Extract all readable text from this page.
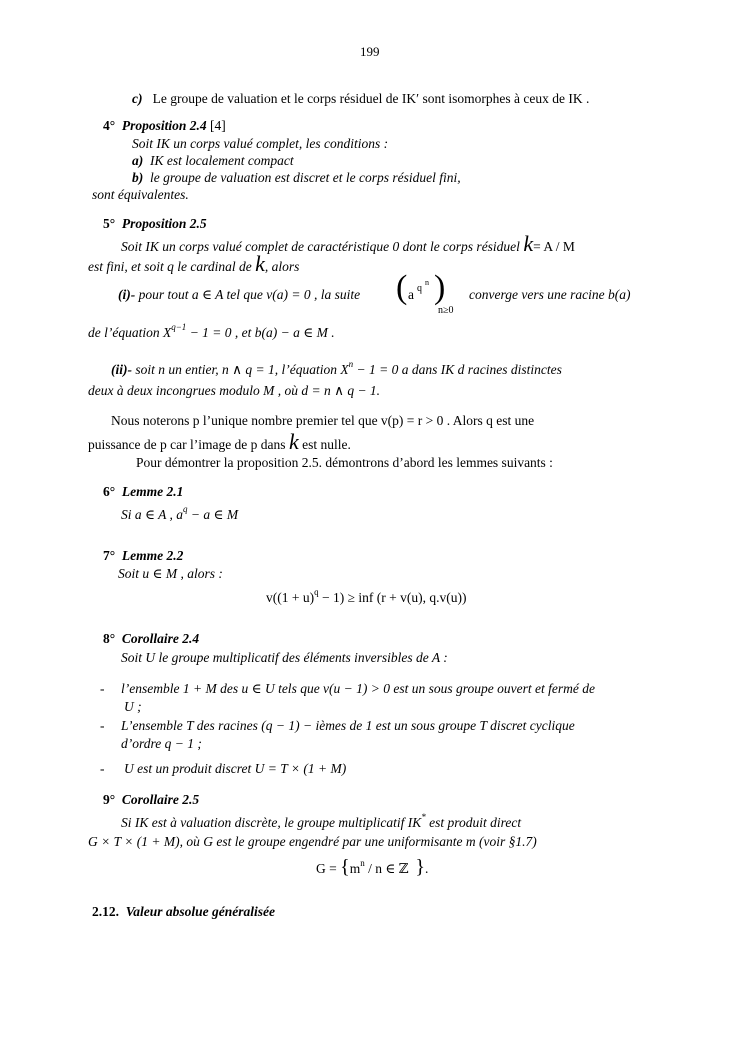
199
c) Le groupe de valuation et le corps résiduel de IK′ sont isomorphes à ceux de IK .
4° Proposition 2.4 [4]
Soit IK un corps valué complet, les conditions :
a) IK est localement compact
b) le groupe de valuation est discret et le corps résiduel fini,
sont équivalentes.
5° Proposition 2.5
Soit IK un corps valué complet de caractéristique 0 dont le corps résiduel k= A / M
est fini, et soit q le cardinal de k, alors
(i)- pour tout a ∈ A tel que v(a) = 0 , la suite ( a q
n )
n≥0
converge vers une racine b(a)
de l’équation $X^{q-1} - 1 = 0$ , et b(a) − a ∈ M .
(ii)- soit n un entier, n ∧ q = 1, l’équation $X^n - 1 = 0$ a dans IK d racines distinctes
deux à deux incongrues modulo M , où d = n ∧ q − 1.
Nous noterons p l’unique nombre premier tel que v(p) = r > 0 . Alors q est une
puissance de p car l’image de p dans k est nulle.
Pour démontrer la proposition 2.5. démontrons d’abord les lemmes suivants :
6° Lemme 2.1
Si a ∈ A , $a^q - a$ ∈ M
7° Lemme 2.2
Soit u ∈ M , alors :
$v((1 + u)^q - 1)$ ≥ inf (r + v(u), q.v(u))
8° Corollaire 2.4
Soit U le groupe multiplicatif des éléments inversibles de A :
- l’ensemble 1 + M des u ∈ U tels que v(u − 1) > 0 est un sous groupe ouvert et fermé de
U ;
- L’ensemble T des racines (q − 1) − ièmes de 1 est un sous groupe T discret cyclique
d’ordre q − 1 ;
- U est un produit discret U = T × (1 + M)
9° Corollaire 2.5
Si IK est à valuation discrète, le groupe multiplicatif IK* est produit direct
G × T × (1 + M), où G est le groupe engendré par une uniformisante m (voir §1.7)
$G = \{m^n / n$ ∈ ℤ }.
2.12. Valeur absolue généralisée
